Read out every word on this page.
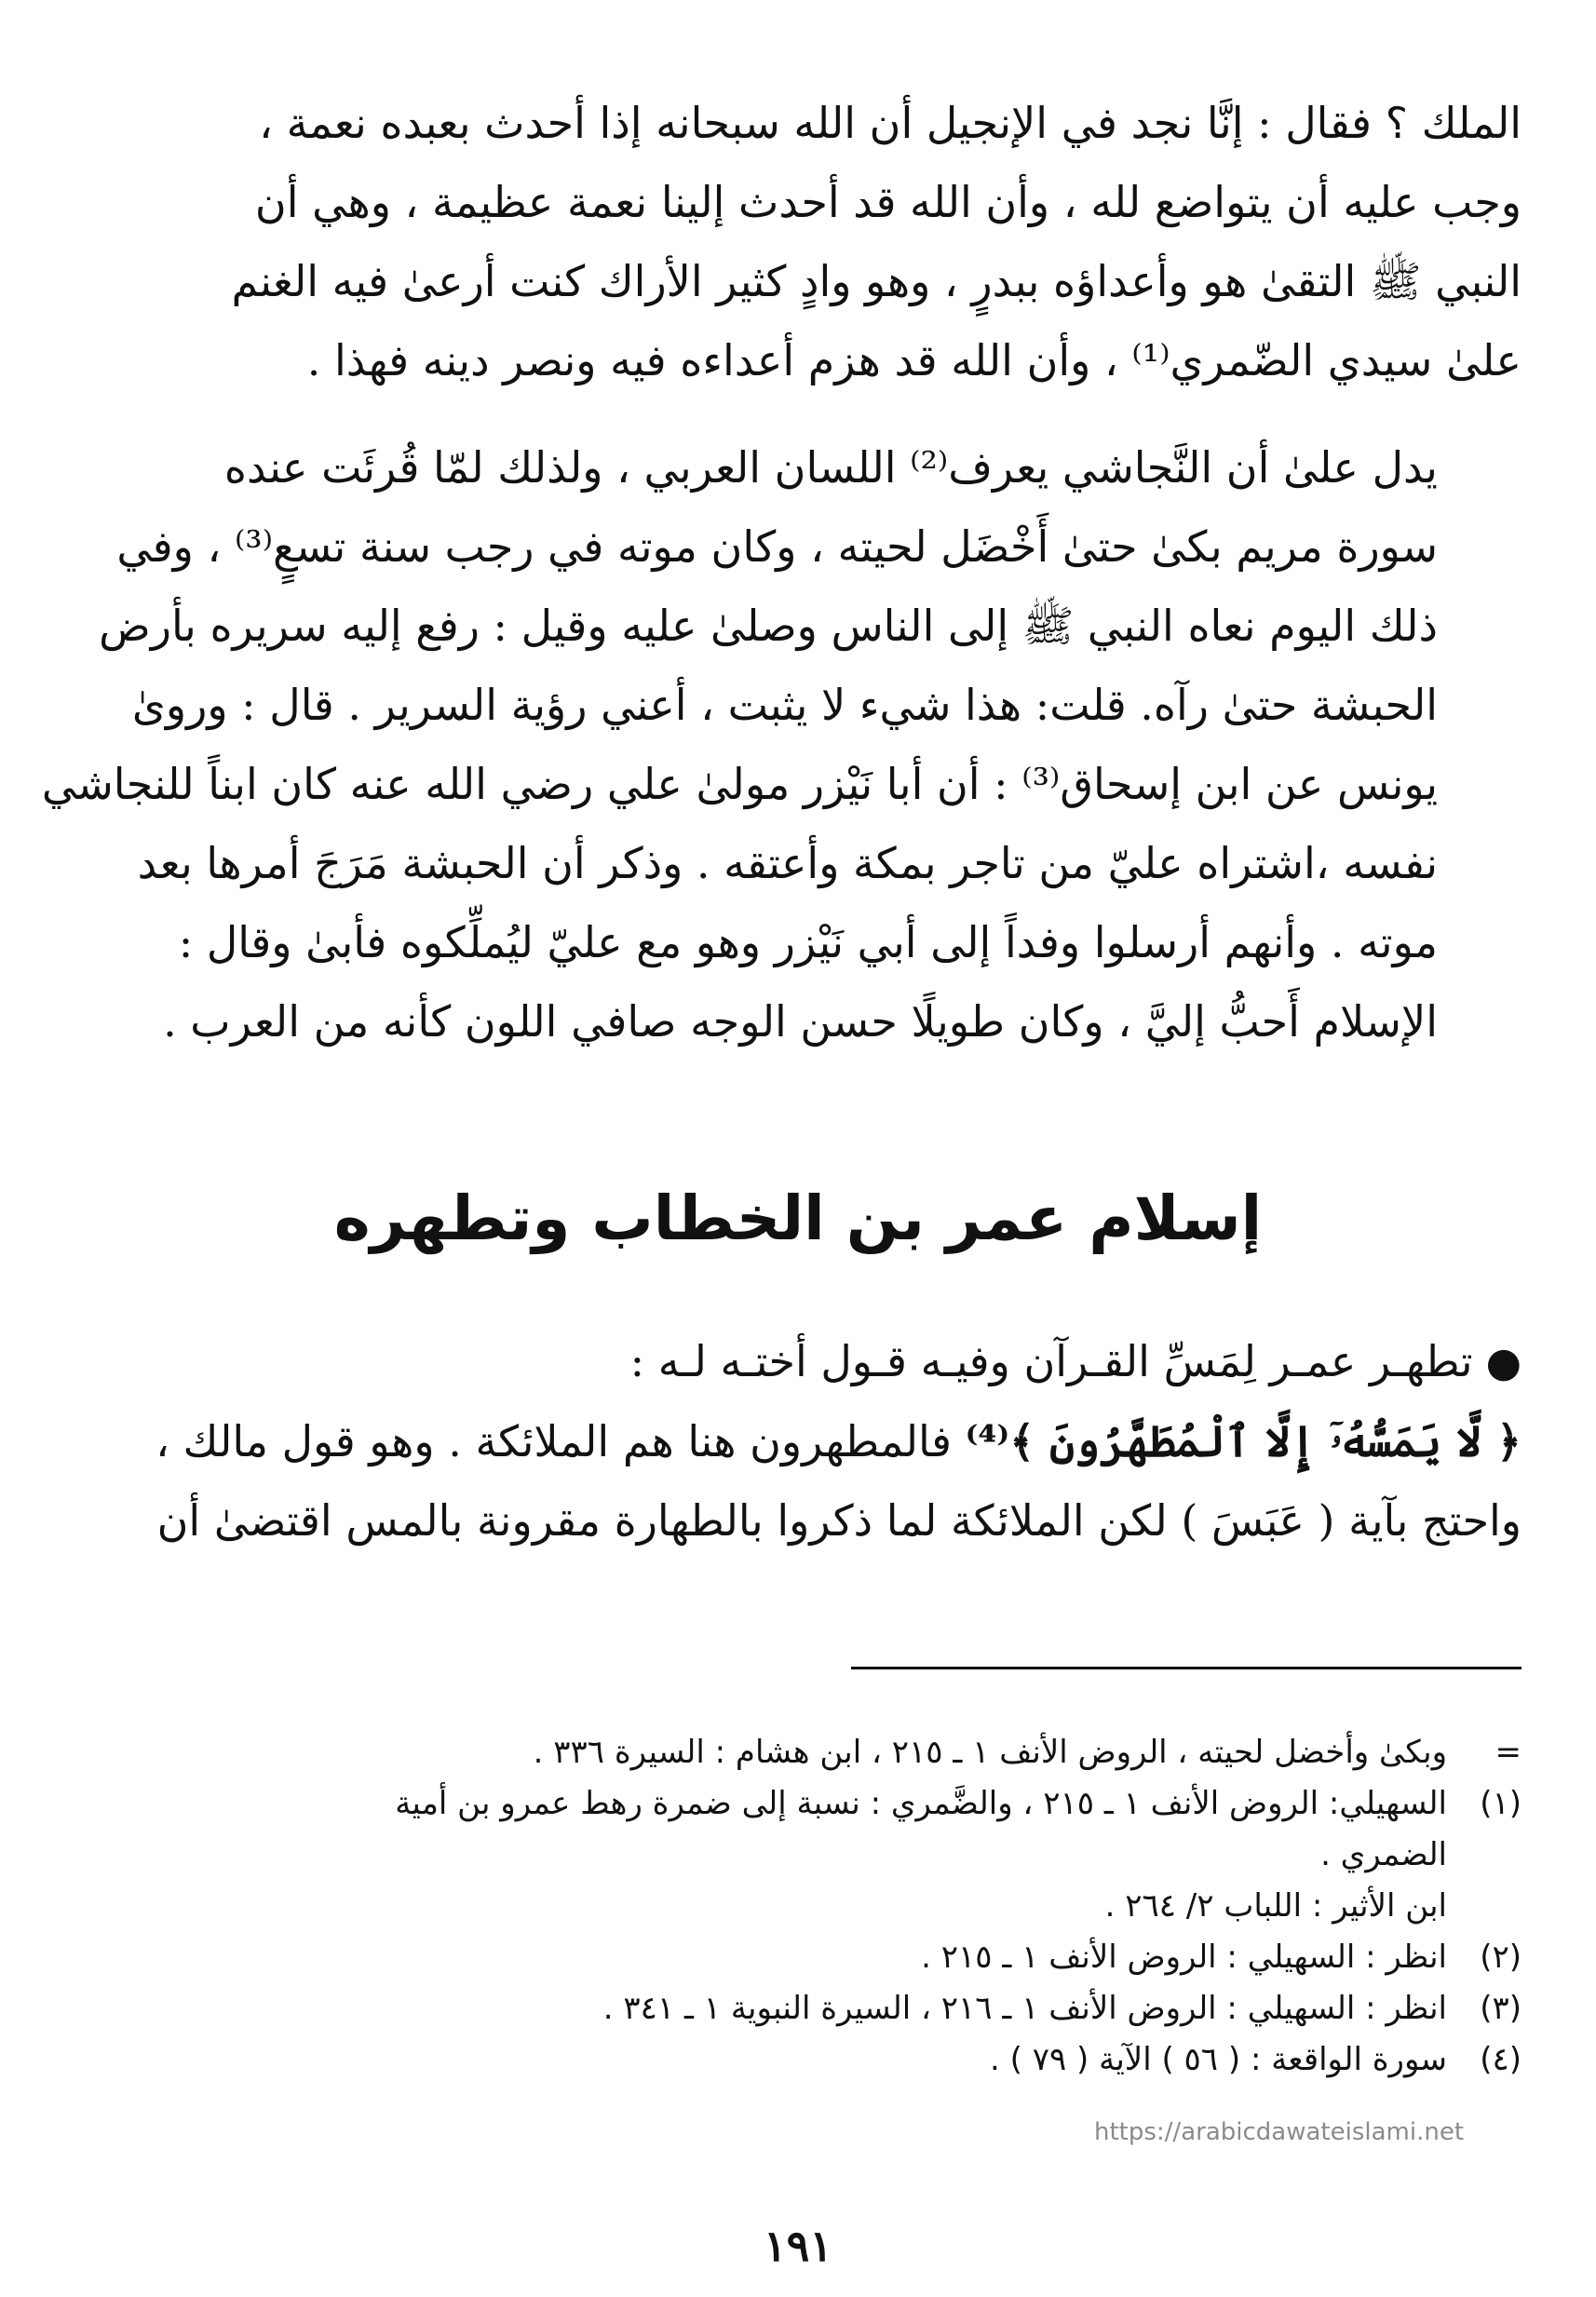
الملك ؟ فقال : إنَّا نجد في الإنجيل أن الله سبحانه إذا أحدث بعبده نعمة ،
وجب عليه أن يتواضع لله ، وأن الله قد أحدث إلينا نعمة عظيمة ، وهي أن
النبي ﷺ التقىٰ هو وأعداؤه ببدرٍ ، وهو وادٍ كثير الأراك كنت أرعىٰ فيه الغنم
علىٰ سيدي الضّمري⁽¹⁾ ، وأن الله قد هزم أعداءه فيه ونصر دينه فهذا .
يدل علىٰ أن النَّجاشي يعرف⁽²⁾ اللسان العربي ، ولذلك لمّا قُرئَت عنده
سورة مريم بكىٰ حتىٰ أَخْضَل لحيته ، وكان موته في رجب سنة تسعٍ⁽³⁾ ، وفي
ذلك اليوم نعاه النبي ﷺ إلى الناس وصلىٰ عليه وقيل : رفع إليه سريره بأرض
الحبشة حتىٰ رآه. قلت: هذا شيء لا يثبت ، أعني رؤية السرير . قال : وروىٰ
يونس عن ابن إسحاق⁽³⁾ : أن أبا نَيْزر مولىٰ علي رضي الله عنه كان ابناً للنجاشي
نفسه ،اشتراه عليّ من تاجر بمكة وأعتقه . وذكر أن الحبشة مَرَجَ أمرها بعد
موته . وأنهم أرسلوا وفداً إلى أبي نَيْزر وهو مع عليّ ليُملِّكوه فأبىٰ وقال :
الإسلام أَحبُّ إليَّ ، وكان طويلًا حسن الوجه صافي اللون كأنه من العرب .
إسلام عمر بن الخطاب وتطهره
●تطهـر عمـر لِمَسِّ القـرآن وفيـه قـول أختـه لـه :
﴿ لَّا يَمَسُّهُۥٓ إِلَّا ٱلْمُطَهَّرُونَ ﴾⁽⁴⁾ فالمطهرون هنا هم الملائكة . وهو قول مالك ،
واحتج بآية ( عَبَسَ ) لكن الملائكة لما ذكروا بالطهارة مقرونة بالمس اقتضىٰ أن
=
وبكىٰ وأخضل لحيته ، الروض الأنف ١ ـ ٢١٥ ، ابن هشام : السيرة ٣٣٦ .
(١)
السهيلي: الروض الأنف ١ ـ ٢١٥ ، والضَّمري : نسبة إلى ضمرة رهط عمرو بن أمية
الضمري .
ابن الأثير : اللباب ٢/ ٢٦٤ .
(٢)
انظر : السهيلي : الروض الأنف ١ ـ ٢١٥ .
(٣)
انظر : السهيلي : الروض الأنف ١ ـ ٢١٦ ، السيرة النبوية ١ ـ ٣٤١ .
(٤)
سورة الواقعة : ( ٥٦ ) الآية ( ٧٩ ) .
https://arabicdawateislami.net
١٩١
